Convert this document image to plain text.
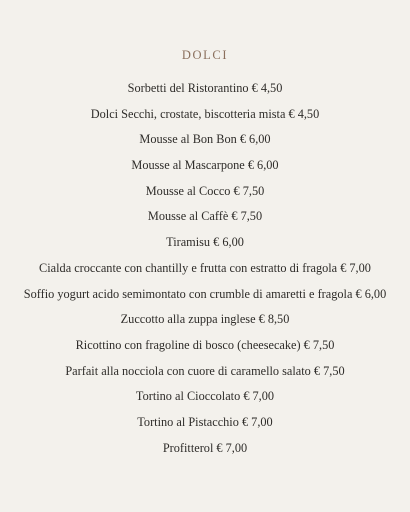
DOLCI
Sorbetti del Ristorantino € 4,50
Dolci Secchi, crostate, biscotteria mista € 4,50
Mousse al Bon Bon € 6,00
Mousse al Mascarpone € 6,00
Mousse al Cocco € 7,50
Mousse al Caffè € 7,50
Tiramisu € 6,00
Cialda croccante con chantilly e frutta con estratto di fragola € 7,00
Soffio yogurt acido semimontato con crumble di amaretti e fragola € 6,00
Zuccotto alla zuppa inglese € 8,50
Ricottino con fragoline di bosco (cheesecake) € 7,50
Parfait alla nocciola con cuore di caramello salato € 7,50
Tortino al Cioccolato € 7,00
Tortino al Pistacchio € 7,00
Profitterol € 7,00
